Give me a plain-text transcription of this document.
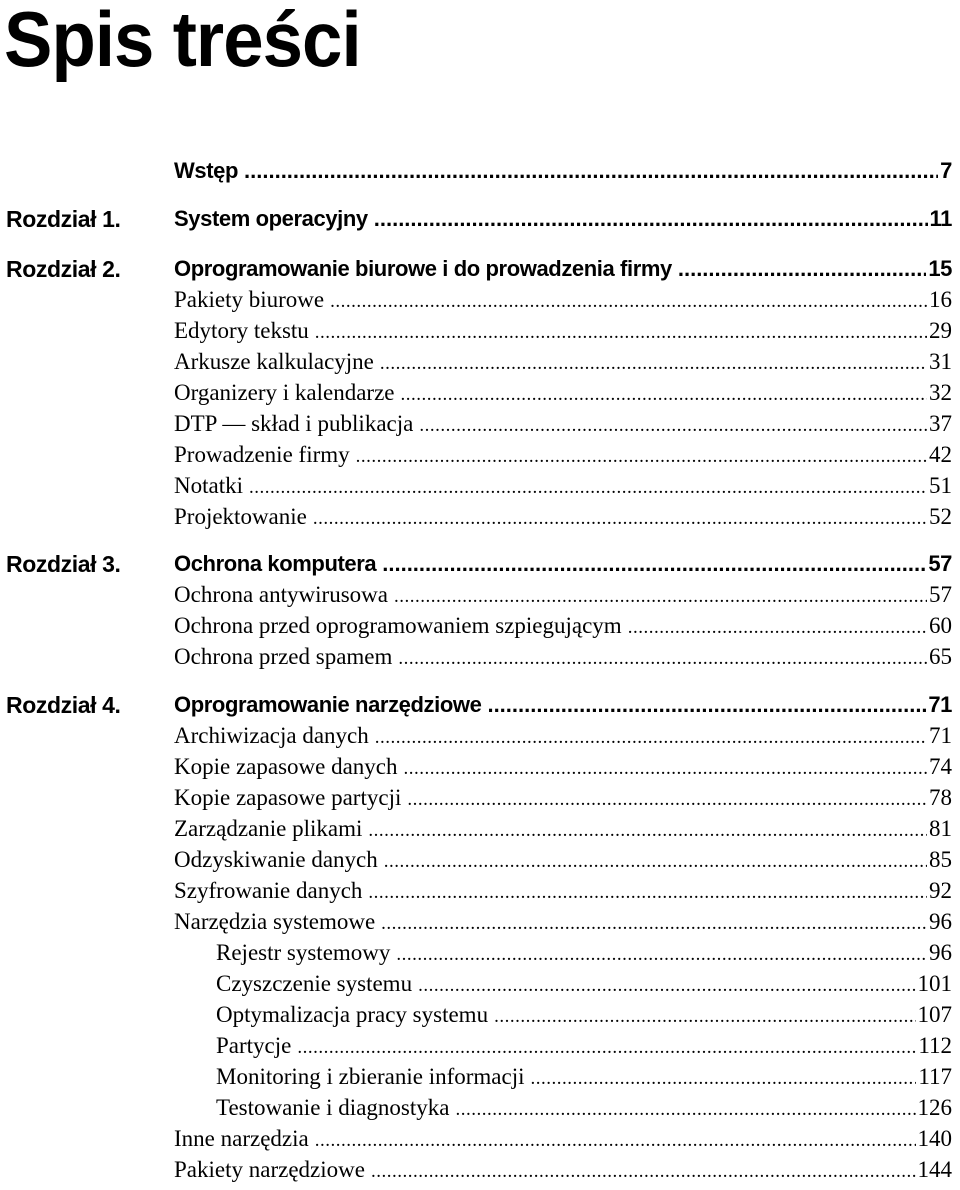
Spis treści
Wstęp .....	7
Rozdział 1. System operacyjny .....	11
Rozdział 2. Oprogramowanie biurowe i do prowadzenia firmy .....	15
Pakiety biurowe .....	16
Edytory tekstu .....	29
Arkusze kalkulacyjne .....	31
Organizery i kalendarze .....	32
DTP — skład i publikacja .....	37
Prowadzenie firmy .....	42
Notatki .....	51
Projektowanie .....	52
Rozdział 3. Ochrona komputera .....	57
Ochrona antywirusowa .....	57
Ochrona przed oprogramowaniem szpiegującym .....	60
Ochrona przed spamem .....	65
Rozdział 4. Oprogramowanie narzędziowe .....	71
Archiwizacja danych .....	71
Kopie zapasowe danych .....	74
Kopie zapasowe partycji .....	78
Zarządzanie plikami .....	81
Odzyskiwanie danych .....	85
Szyfrowanie danych .....	92
Narzędzia systemowe .....	96
Rejestr systemowy .....	96
Czyszczenie systemu .....	101
Optymalizacja pracy systemu .....	107
Partycje .....	112
Monitoring i zbieranie informacji .....	117
Testowanie i diagnostyka .....	126
Inne narzędzia .....	140
Pakiety narzędziowe .....	144
